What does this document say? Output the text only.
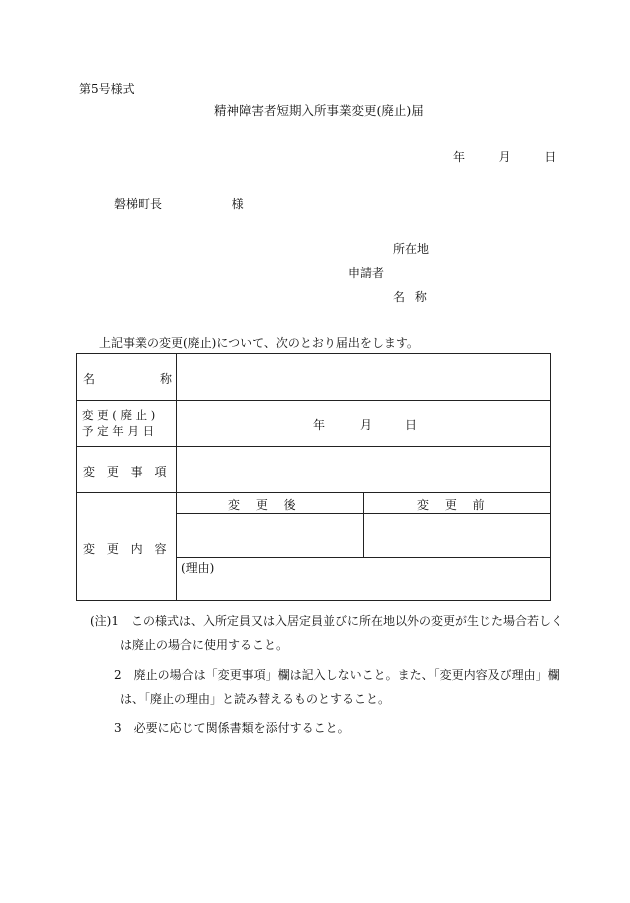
第5号様式
精神障害者短期入所事業変更(廃止)届
年	月	日
磐梯町長	様
所在地
申請者
名 称
上記事業の変更(廃止)について、次のとおり届出をします。
名	称
変 更 ( 廃 止 )
予 定 年 月 日	年	月	日
変 更 事 項
変 更 内 容
変 更 後	変 更 前
(理由)
(注)1　この様式は、入所定員又は入居定員並びに所在地以外の変更が生じた場合若しく
は廃止の場合に使用すること。
2　廃止の場合は「変更事項」欄は記入しないこと。また、「変更内容及び理由」欄
は、「廃止の理由」と読み替えるものとすること。
3　必要に応じて関係書類を添付すること。
